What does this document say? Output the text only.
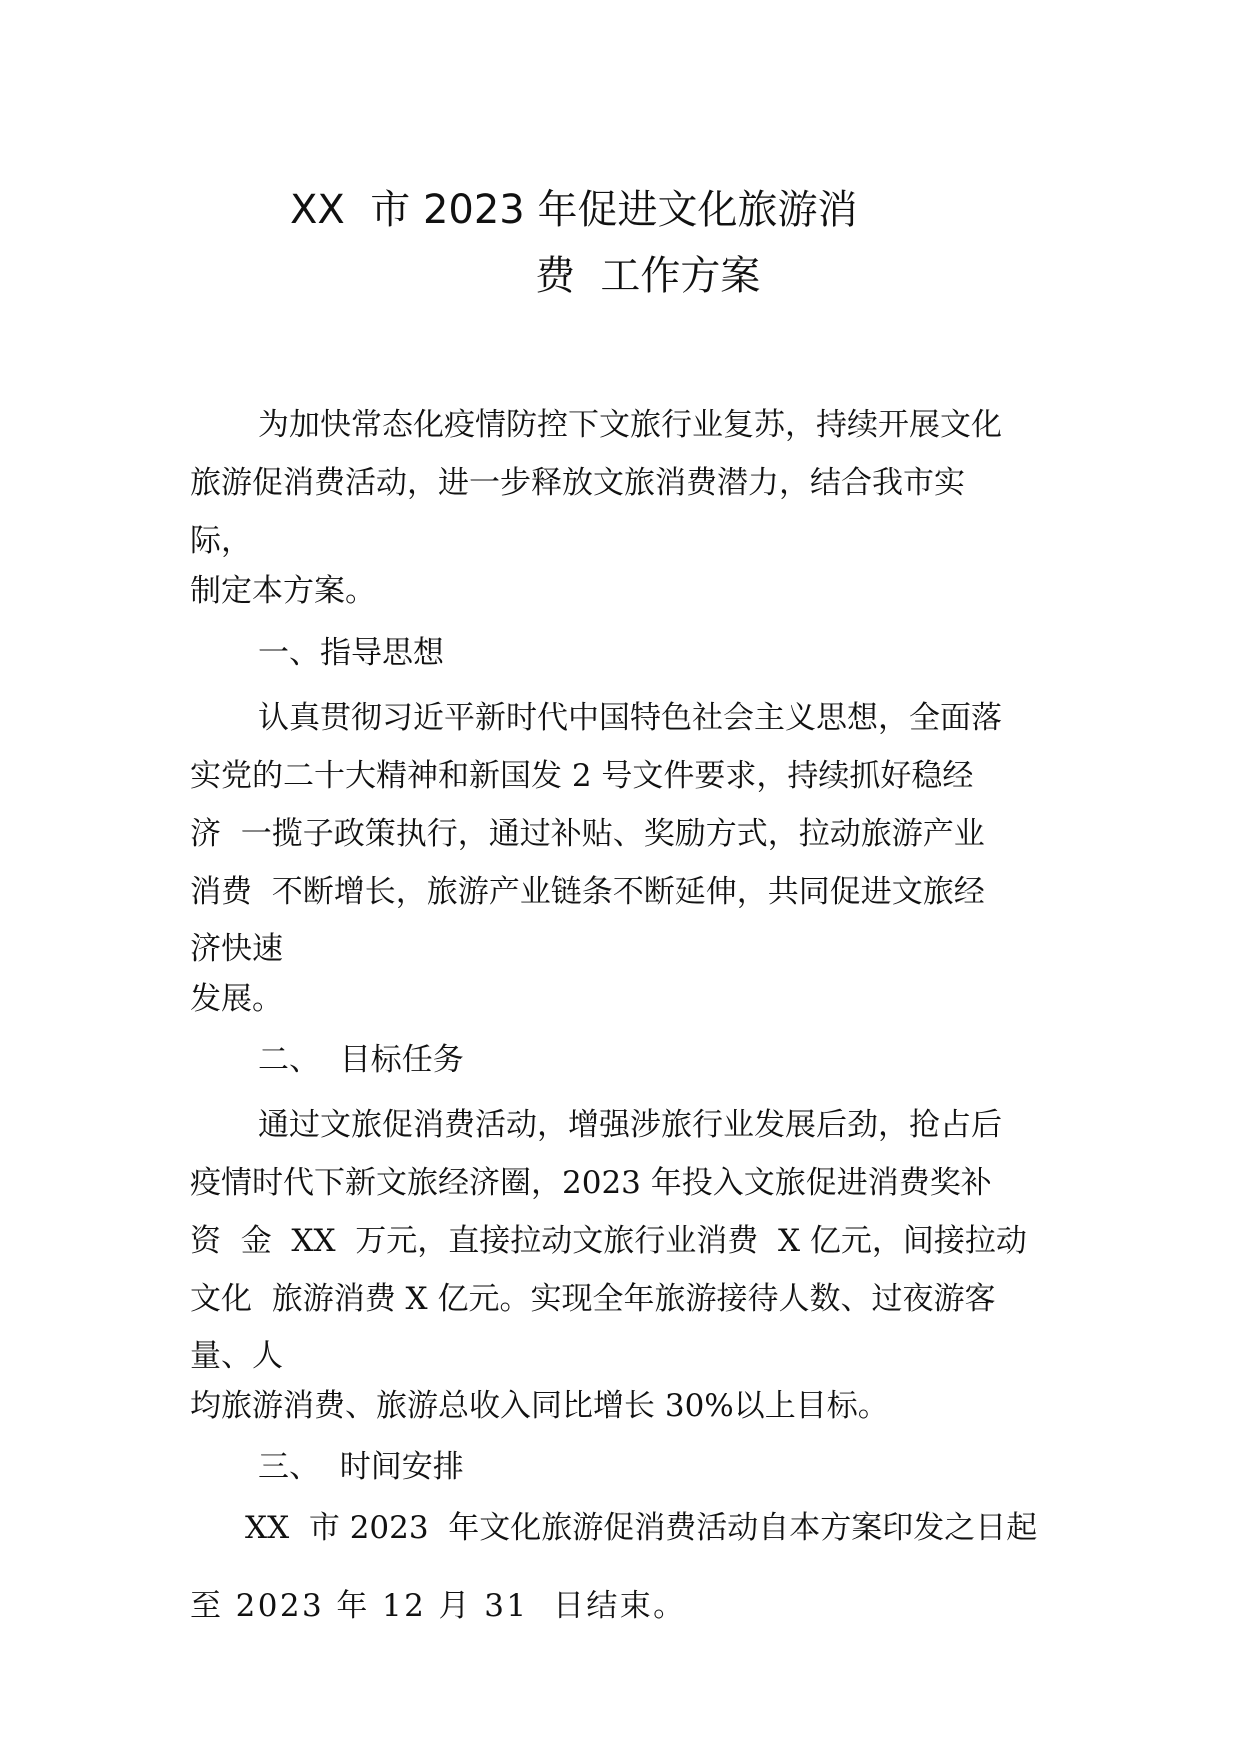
XX  市 2023 年促进文化旅游消
费  工作方案
为加快常态化疫情防控下文旅行业复苏，持续开展文化
旅游促消费活动，进一步释放文旅消费潜力，结合我市实
际，
制定本方案。
一、指导思想
认真贯彻习近平新时代中国特色社会主义思想，全面落
实党的二十大精神和新国发 2 号文件要求，持续抓好稳经
济  一揽子政策执行，通过补贴、奖励方式，拉动旅游产业
消费  不断增长，旅游产业链条不断延伸，共同促进文旅经
济快速
发展。
二、  目标任务
通过文旅促消费活动，增强涉旅行业发展后劲，抢占后
疫情时代下新文旅经济圈，2023 年投入文旅促进消费奖补
资  金  XX  万元，直接拉动文旅行业消费  X 亿元，间接拉动
文化  旅游消费 X 亿元。实现全年旅游接待人数、过夜游客
量、人
均旅游消费、旅游总收入同比增长 30%以上目标。
三、  时间安排
XX  市 2023  年文化旅游促消费活动自本方案印发之日起
至 2023 年 12 月 31  日结束。
